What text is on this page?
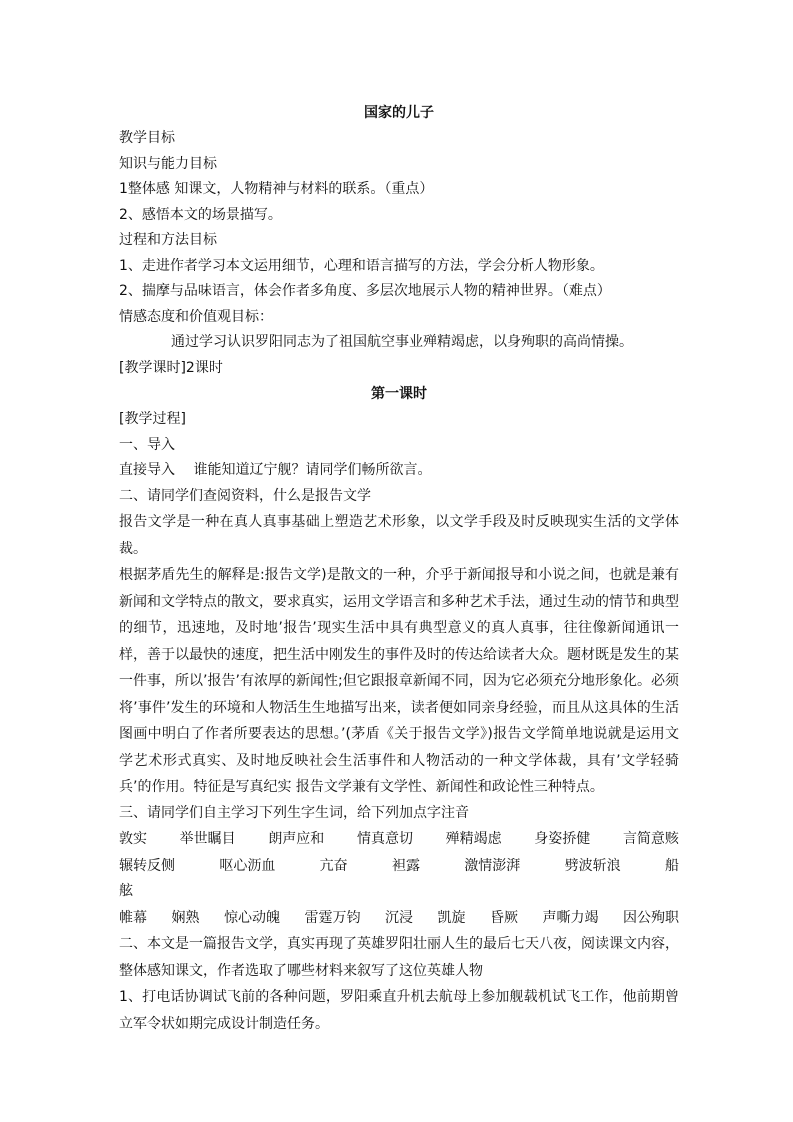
国家的儿子

教学目标

知识与能力目标

1整体感 知课文，人物精神与材料的联系。（重点）

2、感悟本文的场景描写。

过程和方法目标

1、走进作者学习本文运用细节，心理和语言描写的方法，学会分析人物形象。

2、揣摩与品味语言，体会作者多角度、多层次地展示人物的精神世界。（难点）

情感态度和价值观目标：

通过学习认识罗阳同志为了祖国航空事业殚精竭虑，以身殉职的高尚情操。

[教学课时]2课时

第一课时

[教学过程]

一、导入

直接导入　 谁能知道辽宁舰？请同学们畅所欲言。

二、请同学们查阅资料，什么是报告文学

报告文学是一种在真人真事基础上塑造艺术形象，以文学手段及时反映现实生活的文学体裁。

根据茅盾先生的解释是:报告文学)是散文的一种，介乎于新闻报导和小说之间，也就是兼有新闻和文学特点的散文，要求真实，运用文学语言和多种艺术手法，通过生动的情节和典型的细节，迅速地，及时地’报告’现实生活中具有典型意义的真人真事，往往像新闻通讯一样，善于以最快的速度，把生活中刚发生的事件及时的传达给读者大众。题材既是发生的某一件事，所以’报告’有浓厚的新闻性;但它跟报章新闻不同，因为它必须充分地形象化。必须将’事件’发生的环境和人物活生生地描写出来，读者便如同亲身经验，而且从这具体的生活图画中明白了作者所要表达的思想。’(茅盾《关于报告文学》)报告文学简单地说就是运用文学艺术形式真实、及时地反映社会生活事件和人物活动的一种文学体裁，具有’文学轻骑兵’的作用。特征是写真纪实 报告文学兼有文学性、新闻性和政论性三种特点。

三、请同学们自主学习下列生字生词，给下列加点字注音

敦实 举世瞩目 朗声应和 情真意切 殚精竭虑 身姿挢健 言简意赅
辗转反侧	呕心沥血	亢奋	袒露	激情澎湃	劈波斩浪	船

舷

帷幕 娴熟 惊心动魄 雷霆万钧 沉浸 凯旋 昏厥 声嘶力竭 因公殉职

二、本文是一篇报告文学，真实再现了英雄罗阳壮丽人生的最后七天八夜，阅读课文内容，整体感知课文，作者选取了哪些材料来叙写了这位英雄人物

1、打电话协调试飞前的各种问题，罗阳乘直升机去航母上参加舰载机试飞工作，他前期曾立军令状如期完成设计制造任务。
